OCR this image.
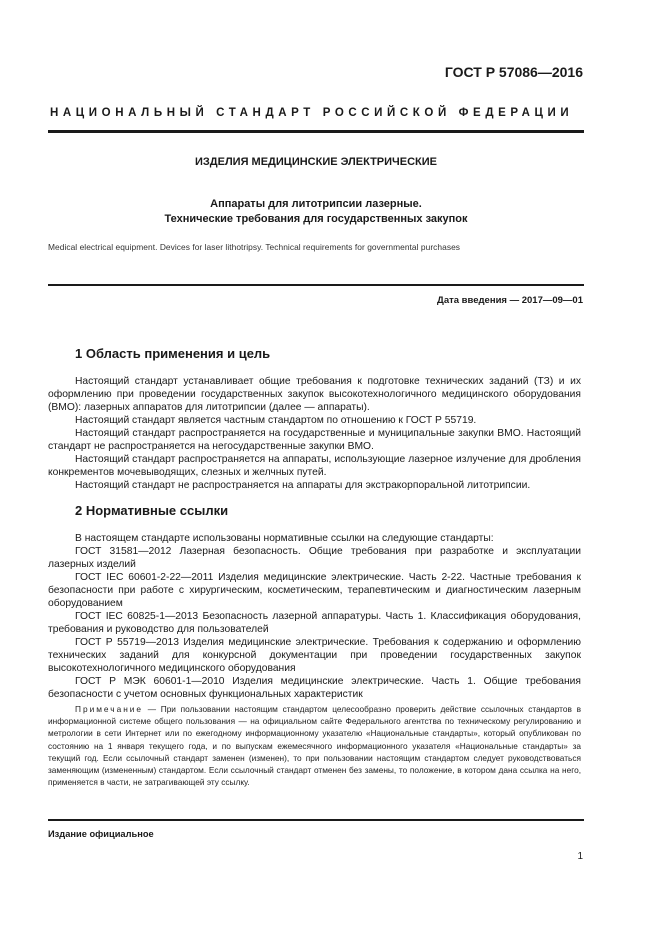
ГОСТ Р 57086—2016
НАЦИОНАЛЬНЫЙ СТАНДАРТ РОССИЙСКОЙ ФЕДЕРАЦИИ
ИЗДЕЛИЯ МЕДИЦИНСКИЕ ЭЛЕКТРИЧЕСКИЕ
Аппараты для литотрипсии лазерные.
Технические требования для государственных закупок
Medical electrical equipment. Devices for laser lithotripsy. Technical requirements for governmental purchases
Дата введения — 2017—09—01
1 Область применения и цель

Настоящий стандарт устанавливает общие требования к подготовке технических заданий (ТЗ) и их оформлению при проведении государственных закупок высокотехнологичного медицинского оборудования (ВМО): лазерных аппаратов для литотрипсии (далее — аппараты).

Настоящий стандарт является частным стандартом по отношению к ГОСТ Р 55719.

Настоящий стандарт распространяется на государственные и муниципальные закупки ВМО. Настоящий стандарт не распространяется на негосударственные закупки ВМО.

Настоящий стандарт распространяется на аппараты, использующие лазерное излучение для дробления конкрементов мочевыводящих, слезных и желчных путей.

Настоящий стандарт не распространяется на аппараты для экстракорпоральной литотрипсии.

2 Нормативные ссылки

В настоящем стандарте использованы нормативные ссылки на следующие стандарты:

ГОСТ 31581—2012 Лазерная безопасность. Общие требования при разработке и эксплуатации лазерных изделий

ГОСТ IEC 60601-2-22—2011 Изделия медицинские электрические. Часть 2-22. Частные требования к безопасности при работе с хирургическим, косметическим, терапевтическим и диагностическим лазерным оборудованием

ГОСТ IEC 60825-1—2013 Безопасность лазерной аппаратуры. Часть 1. Классификация оборудования, требования и руководство для пользователей

ГОСТ Р 55719—2013 Изделия медицинские электрические. Требования к содержанию и оформлению технических заданий для конкурсной документации при проведении государственных закупок высокотехнологичного медицинского оборудования

ГОСТ Р МЭК 60601-1—2010 Изделия медицинские электрические. Часть 1. Общие требования безопасности с учетом основных функциональных характеристик

Примечание — При пользовании настоящим стандартом целесообразно проверить действие ссылочных стандартов в информационной системе общего пользования — на официальном сайте Федерального агентства по техническому регулированию и метрологии в сети Интернет или по ежегодному информационному указателю «Национальные стандарты», который опубликован по состоянию на 1 января текущего года, и по выпускам ежемесячного информационного указателя «Национальные стандарты» за текущий год. Если ссылочный стандарт заменен (изменен), то при пользовании настоящим стандартом следует руководствоваться заменяющим (измененным) стандартом. Если ссылочный стандарт отменен без замены, то положение, в котором дана ссылка на него, применяется в части, не затрагивающей эту ссылку.
Издание официальное
1
